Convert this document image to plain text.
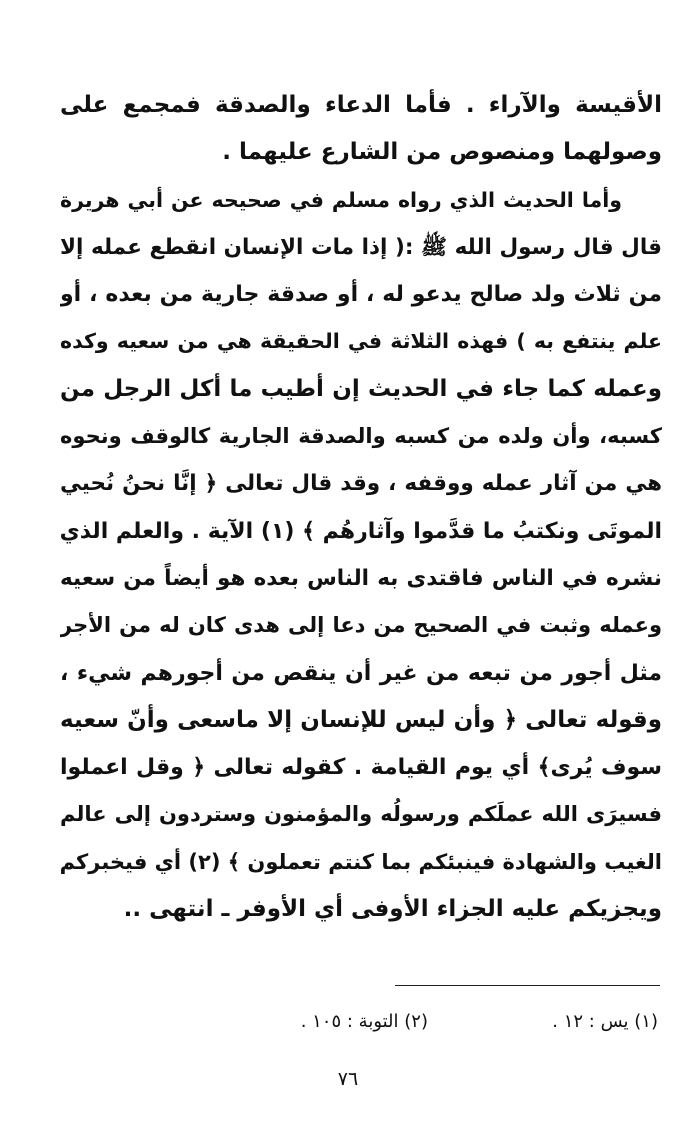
الأقيسة والآراء . فأما الدعاء والصدقة فمجمع على
وصولهما ومنصوص من الشارع عليهما .
وأما الحديث الذي رواه مسلم في صحيحه عن أبي هريرة
قال قال رسول الله ﷺ :( إذا مات الإنسان انقطع عمله إلا
من ثلاث ولد صالح يدعو له ، أو صدقة جارية من بعده ، أو
علم ينتفع به ) فهذه الثلاثة في الحقيقة هي من سعيه وكده
وعمله كما جاء في الحديث إن أطيب ما أكل الرجل من
كسبه، وأن ولده من كسبه والصدقة الجارية كالوقف ونحوه
هي من آثار عمله ووقفه ، وقد قال تعالى ﴿ إنَّا نحنُ نُحيي
الموتَى ونكتبُ ما قدَّموا وآثارهُم ﴾ (١) الآية . والعلم الذي
نشره في الناس فاقتدى به الناس بعده هو أيضاً من سعيه
وعمله وثبت في الصحيح من دعا إلى هدى كان له من الأجر
مثل أجور من تبعه من غير أن ينقص من أجورهم شيء ،
وقوله تعالى ﴿ وأن ليس للإنسان إلا ماسعى وأنّ سعيه
سوف يُرى﴾ أي يوم القيامة . كقوله تعالى ﴿ وقل اعملوا
فسيرَى الله عملَكم ورسولُه والمؤمنون وستردون إلى عالم
الغيب والشهادة فينبئكم بما كنتم تعملون ﴾ (٢) أي فيخبركم
ويجزيكم عليه الجزاء الأوفى أي الأوفر ـ انتهى ..
(١) يس : ١٢ .
(٢) التوبة : ١٠٥ .
٧٦
